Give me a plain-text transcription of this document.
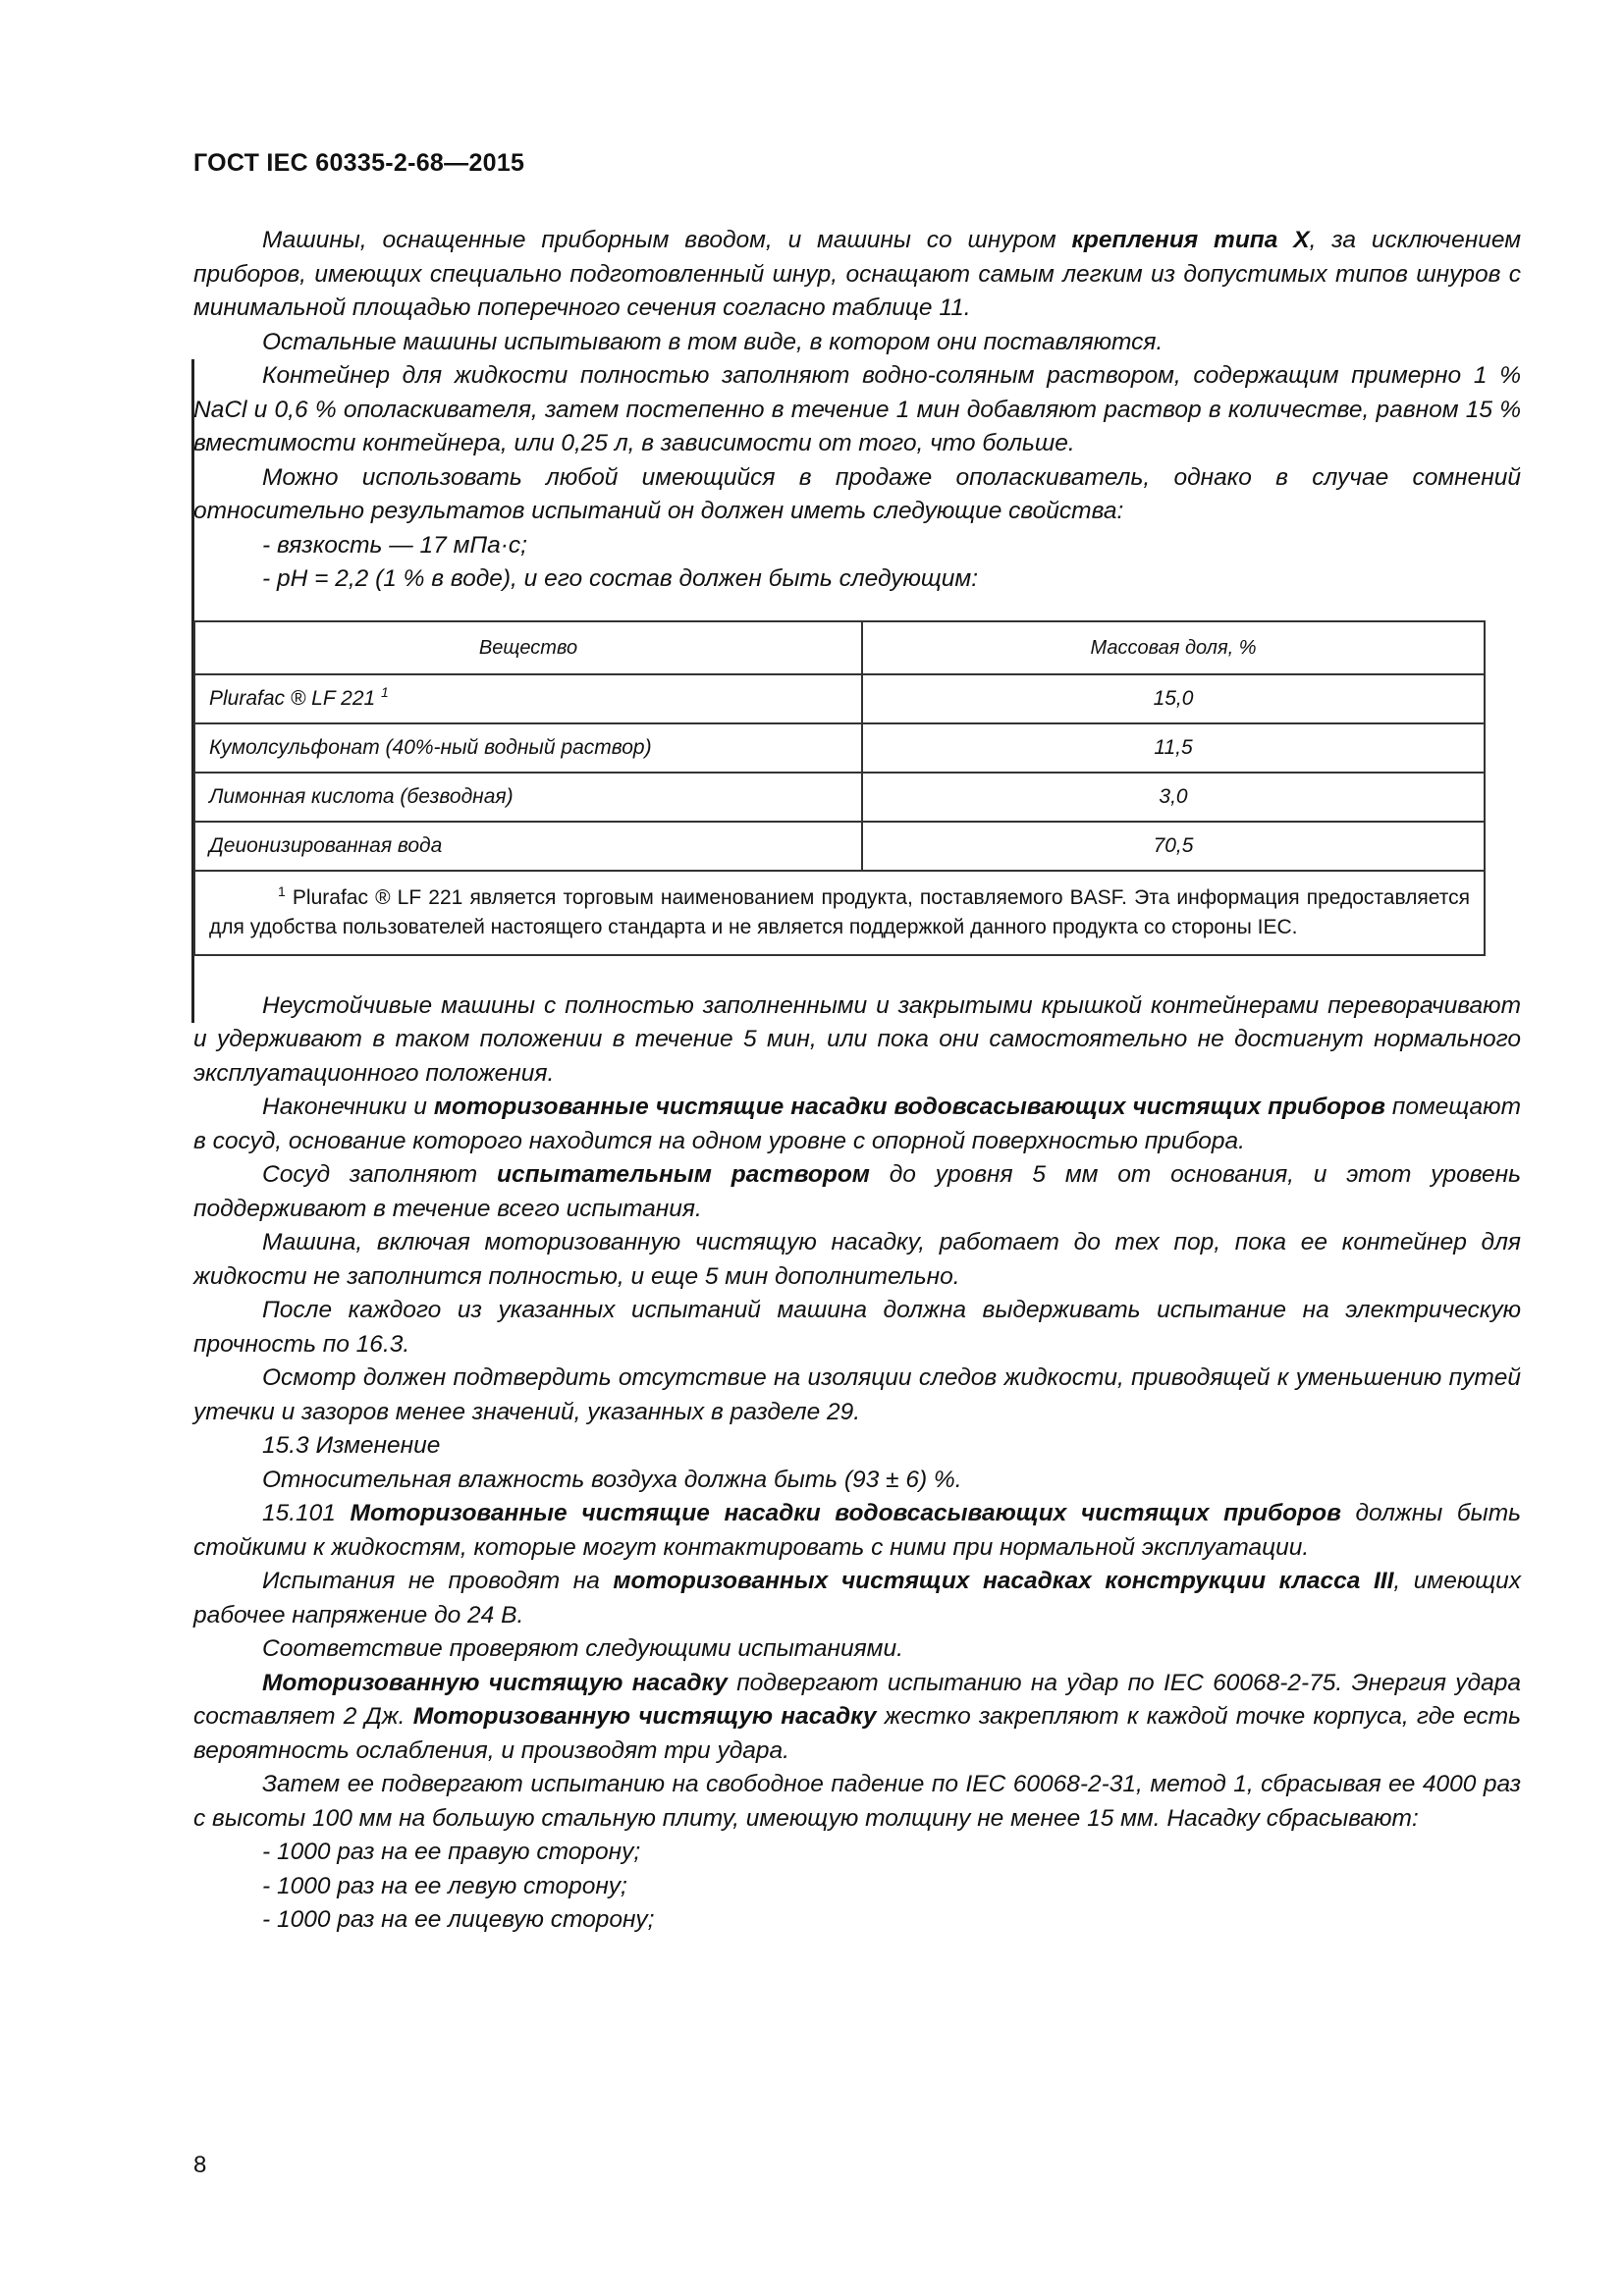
ГОСТ IEC 60335-2-68—2015

Машины, оснащенные приборным вводом, и машины со шнуром крепления типа X, за исключением приборов, имеющих специально подготовленный шнур, оснащают самым легким из допустимых типов шнуров с минимальной площадью поперечного сечения согласно таблице 11.

Остальные машины испытывают в том виде, в котором они поставляются.

Контейнер для жидкости полностью заполняют водно-соляным раствором, содержащим примерно 1 % NaCl и 0,6 % ополаскивателя, затем постепенно в течение 1 мин добавляют раствор в количестве, равном 15 % вместимости контейнера, или 0,25 л, в зависимости от того, что больше.

Можно использовать любой имеющийся в продаже ополаскиватель, однако в случае сомнений относительно результатов испытаний он должен иметь следующие свойства:

- вязкость — 17 мПа·с;

- pH = 2,2 (1 % в воде), и его состав должен быть следующим:

Вещество	Массовая доля, %
Plurafac ® LF 221 $^1$	15,0
Кумолсульфонат (40%-ный водный раствор)	11,5
Лимонная кислота (безводная)	3,0
Деионизированная вода	70,5
$^1$ Plurafac ® LF 221 является торговым наименованием продукта, поставляемого BASF. Эта информация предоставляется для удобства пользователей настоящего стандарта и не является поддержкой данного продукта со стороны IEC.	

Неустойчивые машины с полностью заполненными и закрытыми крышкой контейнерами переворачивают и удерживают в таком положении в течение 5 мин, или пока они самостоятельно не достигнут нормального эксплуатационного положения.

Наконечники и моторизованные чистящие насадки водовсасывающих чистящих приборов помещают в сосуд, основание которого находится на одном уровне с опорной поверхностью прибора.

Сосуд заполняют испытательным раствором до уровня 5 мм от основания, и этот уровень поддерживают в течение всего испытания.

Машина, включая моторизованную чистящую насадку, работает до тех пор, пока ее контейнер для жидкости не заполнится полностью, и еще 5 мин дополнительно.

После каждого из указанных испытаний машина должна выдерживать испытание на электрическую прочность по 16.3.

Осмотр должен подтвердить отсутствие на изоляции следов жидкости, приводящей к уменьшению путей утечки и зазоров менее значений, указанных в разделе 29.

15.3 Изменение

Относительная влажность воздуха должна быть (93 ± 6) %.

15.101 Моторизованные чистящие насадки водовсасывающих чистящих приборов должны быть стойкими к жидкостям, которые могут контактировать с ними при нормальной эксплуатации.

Испытания не проводят на моторизованных чистящих насадках конструкции класса III, имеющих рабочее напряжение до 24 В.

Соответствие проверяют следующими испытаниями.

Моторизованную чистящую насадку подвергают испытанию на удар по IEC 60068-2-75. Энергия удара составляет 2 Дж. Моторизованную чистящую насадку жестко закрепляют к каждой точке корпуса, где есть вероятность ослабления, и производят три удара.

Затем ее подвергают испытанию на свободное падение по IEC 60068-2-31, метод 1, сбрасывая ее 4000 раз с высоты 100 мм на большую стальную плиту, имеющую толщину не менее 15 мм. Насадку сбрасывают:

- 1000 раз на ее правую сторону;

- 1000 раз на ее левую сторону;

- 1000 раз на ее лицевую сторону;

8
